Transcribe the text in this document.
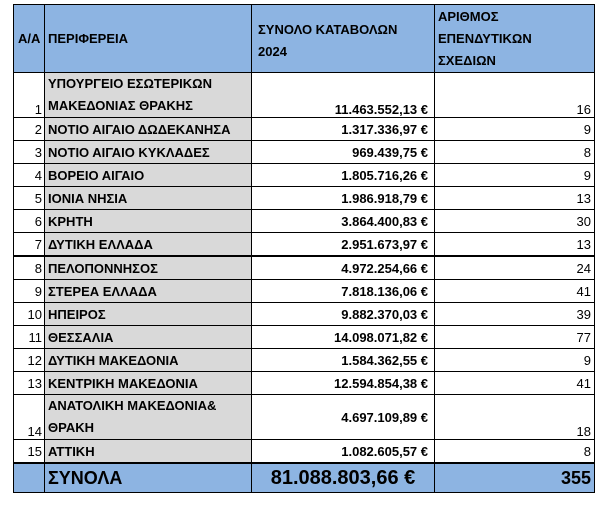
Α/Α	ΠΕΡΙΦΕΡΕΙΑ	ΣΥΝΟΛΟ ΚΑΤΑΒΟΛΩΝ 2024	ΑΡΙΘΜΟΣ ΕΠΕΝΔΥΤΙΚΩΝ ΣΧΕΔΙΩΝ
1	ΥΠΟΥΡΓΕΙΟ ΕΣΩΤΕΡΙΚΩΝ ΜΑΚΕΔΟΝΙΑΣ ΘΡΑΚΗΣ	11.463.552,13 €	16
2	ΝΟΤΙΟ ΑΙΓΑΙΟ ΔΩΔΕΚΑΝΗΣΑ	1.317.336,97 €	9
3	ΝΟΤΙΟ ΑΙΓΑΙΟ ΚΥΚΛΑΔΕΣ	969.439,75 €	8
4	ΒΟΡΕΙΟ ΑΙΓΑΙΟ	1.805.716,26 €	9
5	ΙΟΝΙΑ ΝΗΣΙΑ	1.986.918,79 €	13
6	ΚΡΗΤΗ	3.864.400,83 €	30
7	ΔΥΤΙΚΗ ΕΛΛΑΔΑ	2.951.673,97 €	13
8	ΠΕΛΟΠΟΝΝΗΣΟΣ	4.972.254,66 €	24
9	ΣΤΕΡΕΑ ΕΛΛΑΔΑ	7.818.136,06 €	41
10	ΗΠΕΙΡΟΣ	9.882.370,03 €	39
11	ΘΕΣΣΑΛΙΑ	14.098.071,82 €	77
12	ΔΥΤΙΚΗ ΜΑΚΕΔΟΝΙΑ	1.584.362,55 €	9
13	ΚΕΝΤΡΙΚΗ ΜΑΚΕΔΟΝΙΑ	12.594.854,38 €	41
14	ΑΝΑΤΟΛΙΚΗ ΜΑΚΕΔΟΝΙΑ& ΘΡΑΚΗ	4.697.109,89 €	18
15	ΑΤΤΙΚΗ	1.082.605,57 €	8
	ΣΥΝΟΛΑ	81.088.803,66 €	355
